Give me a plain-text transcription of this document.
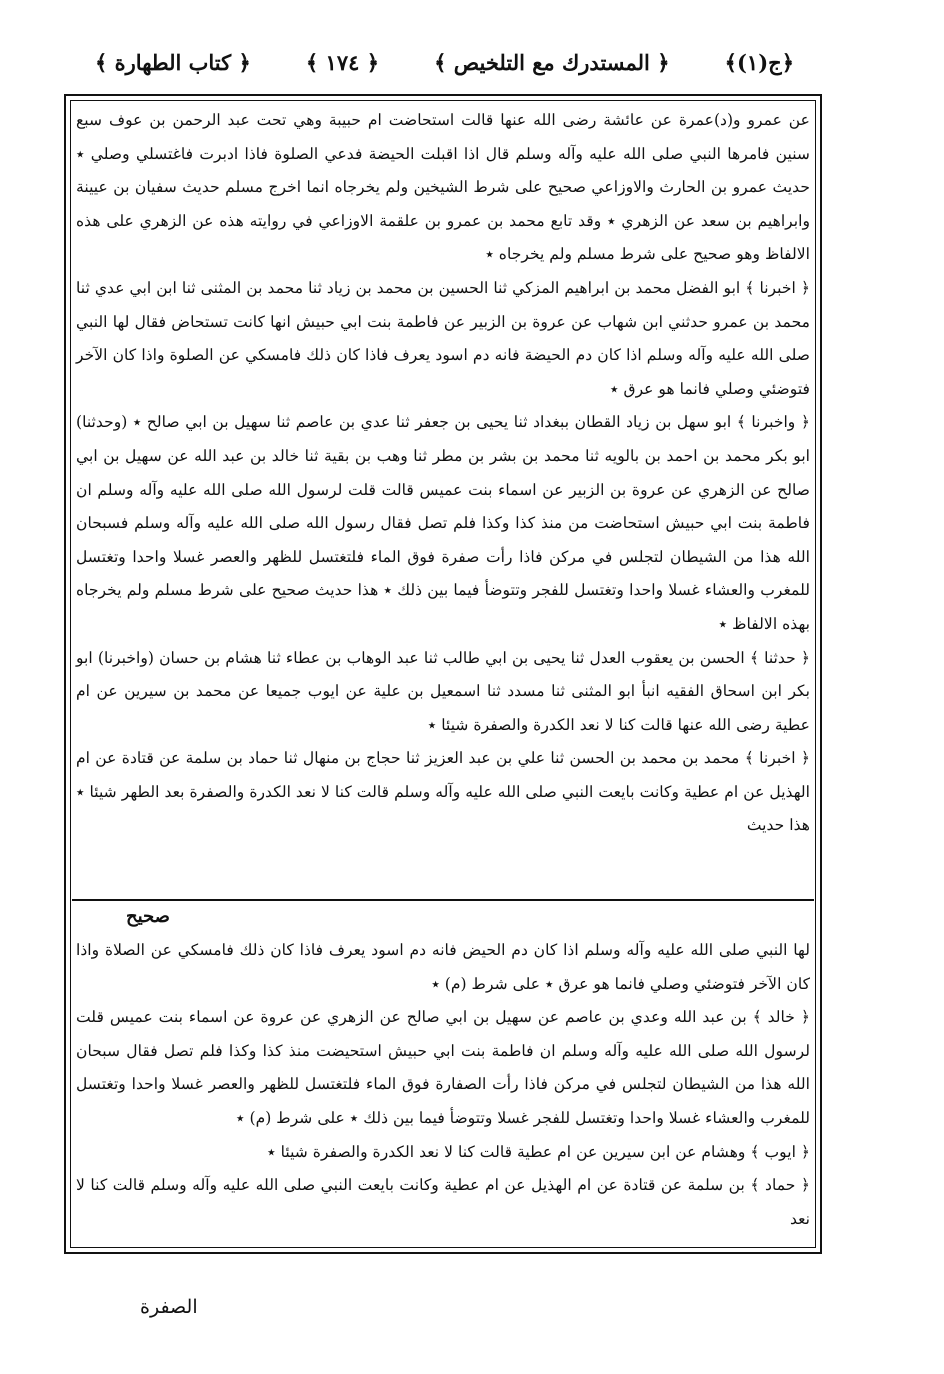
﴿ج(١)﴾
﴿ المستدرك مع التلخيص ﴾
﴿ ١٧٤ ﴾
﴿ كتاب الطهارة ﴾

عن عمرو و(د)عمرة عن عائشة رضى الله عنها قالت استحاضت ام حبيبة وهي تحت عبد الرحمن بن عوف سبع سنين فامرها النبي صلى الله عليه وآله وسلم قال اذا اقبلت الحيضة فدعي الصلوة فاذا ادبرت فاغتسلي وصلي ٭ حديث عمرو بن الحارث والاوزاعي صحيح على شرط الشيخين ولم يخرجاه انما اخرج مسلم حديث سفيان بن عيينة وابراهيم بن سعد عن الزهري ٭ وقد تابع محمد بن عمرو بن علقمة الاوزاعي في روايته هذه عن الزهري على هذه الالفاظ وهو صحيح على شرط مسلم ولم يخرجاه ٭

﴿ اخبرنا ﴾ ابو الفضل محمد بن ابراهيم المزكي ثنا الحسين بن محمد بن زياد ثنا محمد بن المثنى ثنا ابن ابي عدي ثنا محمد بن عمرو حدثني ابن شهاب عن عروة بن الزبير عن فاطمة بنت ابي حبيش انها كانت تستحاض فقال لها النبي صلى الله عليه وآله وسلم اذا كان دم الحيضة فانه دم اسود يعرف فاذا كان ذلك فامسكي عن الصلوة واذا كان الآخر فتوضئي وصلي فانما هو عرق ٭

﴿ واخبرنا ﴾ ابو سهل بن زياد القطان ببغداد ثنا يحيى بن جعفر ثنا عدي بن عاصم ثنا سهيل بن ابي صالح ٭ (وحدثنا) ابو بكر محمد بن احمد بن بالويه ثنا محمد بن بشر بن مطر ثنا وهب بن بقية ثنا خالد بن عبد الله عن سهيل بن ابي صالح عن الزهري عن عروة بن الزبير عن اسماء بنت عميس قالت قلت لرسول الله صلى الله عليه وآله وسلم ان فاطمة بنت ابي حبيش استحاضت من منذ كذا وكذا فلم تصل فقال رسول الله صلى الله عليه وآله وسلم فسبحان الله هذا من الشيطان لتجلس في مركن فاذا رأت صفرة فوق الماء فلتغتسل للظهر والعصر غسلا واحدا وتغتسل للمغرب والعشاء غسلا واحدا وتغتسل للفجر وتتوضأ فيما بين ذلك ٭ هذا حديث صحيح على شرط مسلم ولم يخرجاه بهذه الالفاظ ٭

﴿ حدثنا ﴾ الحسن بن يعقوب العدل ثنا يحيى بن ابي طالب ثنا عبد الوهاب بن عطاء ثنا هشام بن حسان (واخبرنا) ابو بكر ابن اسحاق الفقيه انبأ ابو المثنى ثنا مسدد ثنا اسمعيل بن علية عن ايوب جميعا عن محمد بن سيرين عن ام عطية رضى الله عنها قالت كنا لا نعد الكدرة والصفرة شيئا ٭

﴿ اخبرنا ﴾ محمد بن محمد بن الحسن ثنا علي بن عبد العزيز ثنا حجاج بن منهال ثنا حماد بن سلمة عن قتادة عن ام الهذيل عن ام عطية وكانت بايعت النبي صلى الله عليه وآله وسلم قالت كنا لا نعد الكدرة والصفرة بعد الطهر شيئا ٭ هذا حديث

صحيح

لها النبي صلى الله عليه وآله وسلم اذا كان دم الحيض فانه دم اسود يعرف فاذا كان ذلك فامسكي عن الصلاة واذا كان الآخر فتوضئي وصلي فانما هو عرق ٭ على شرط (م) ٭

﴿ خالد ﴾ بن عبد الله وعدي بن عاصم عن سهيل بن ابي صالح عن الزهري عن عروة عن اسماء بنت عميس قلت لرسول الله صلى الله عليه وآله وسلم ان فاطمة بنت ابي حبيش استحيضت منذ كذا وكذا فلم تصل فقال سبحان الله هذا من الشيطان لتجلس في مركن فاذا رأت الصفارة فوق الماء فلتغتسل للظهر والعصر غسلا واحدا وتغتسل للمغرب والعشاء غسلا واحدا وتغتسل للفجر غسلا وتتوضأ فيما بين ذلك ٭ على شرط (م) ٭

﴿ ايوب ﴾ وهشام عن ابن سيرين عن ام عطية قالت كنا لا نعد الكدرة والصفرة شيئا ٭

﴿ حماد ﴾ بن سلمة عن قتادة عن ام الهذيل عن ام عطية وكانت بايعت النبي صلى الله عليه وآله وسلم قالت كنا لا نعد

الصفرة
